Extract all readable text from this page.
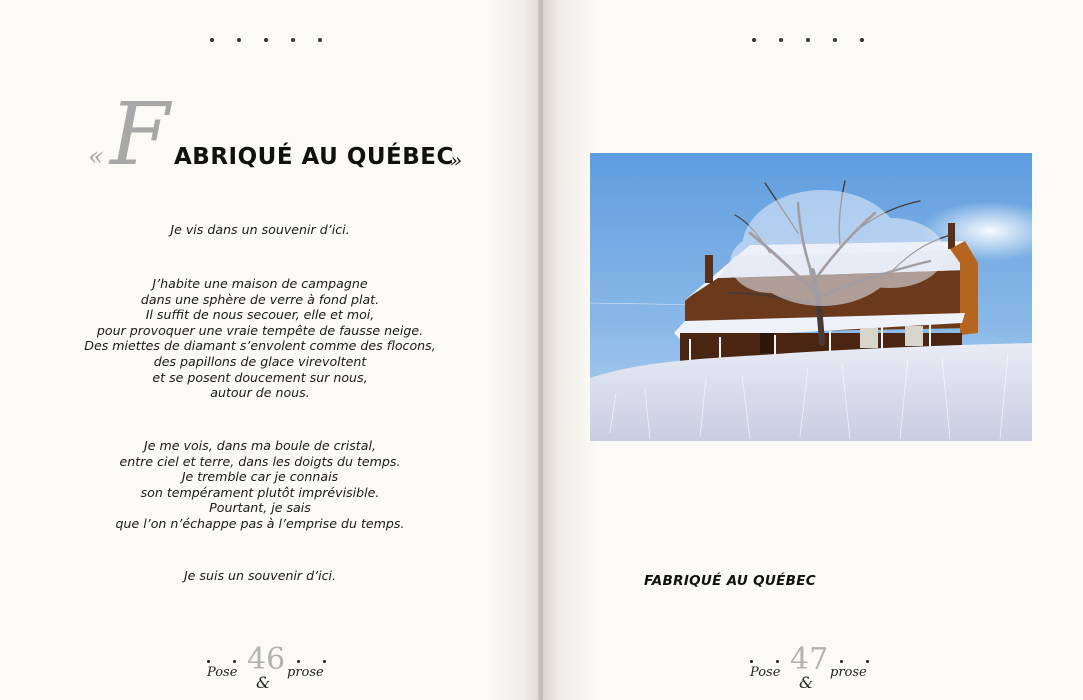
« F ABRIQUÉ AU QUÉBEC
»
Je vis dans un souvenir d’ici.
J’habite une maison de campagne
dans une sphère de verre à fond plat.
Il suffit de nous secouer, elle et moi,
pour provoquer une vraie tempête de fausse neige.
Des miettes de diamant s’envolent comme des flocons,
des papillons de glace virevoltent
et se posent doucement sur nous,
autour de nous.
Je me vois, dans ma boule de cristal,
entre ciel et terre, dans les doigts du temps.
Je tremble car je connais
son tempérament plutôt imprévisible.
Pourtant, je sais
que l’on n’échappe pas à l’emprise du temps.
Je suis un souvenir d’ici.
46
Pose
&
prose
FABRIQUÉ AU QUÉBEC
47
Pose
&
prose
